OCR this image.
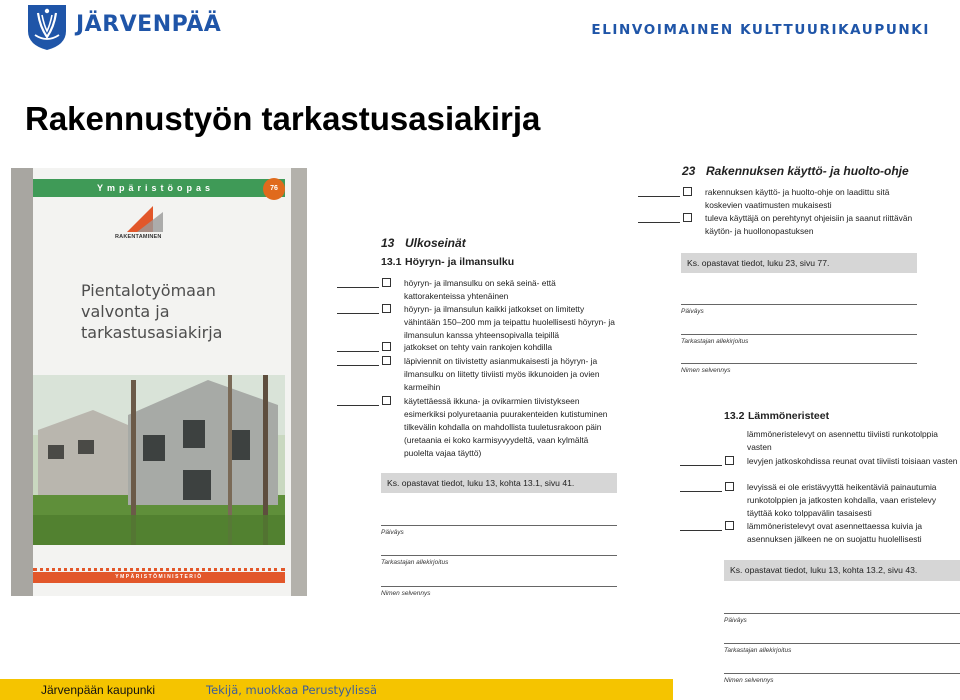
JÄRVENPÄÄ	ELINVOIMAINEN KULTTUURIKAUPUNKI
Rakennustyön tarkastusasiakirja
Ympäristöopas	76
RAKENTAMINEN
Pientalotyömaan valvonta ja tarkastusasiakirja
YMPÄRISTÖMINISTERIÖ
13 Ulkoseinät
13.1 Höyryn- ja ilmansulku
höyryn- ja ilmansulku on sekä seinä- että kattorakenteissa yhtenäinen
höyryn- ja ilmansulun kaikki jatkokset on limitetty vähintään 150–200 mm ja teipattu huolellisesti höyryn- ja ilmansulun kanssa yhteensopivalla teipillä
jatkokset on tehty vain rankojen kohdilla
läpiviennit on tiivistetty asianmukaisesti ja höyryn- ja ilmansulku on liitetty tiiviisti myös ikkunoiden ja ovien karmeihin
käytettäessä ikkuna- ja ovikarmien tiivistykseen esimerkiksi polyuretaania puurakenteiden kutistuminen tilkevälin kohdalla on mahdollista tuuletusrakoon päin (uretaania ei koko karmisyvyydeltä, vaan kylmältä puolelta vajaa täyttö)
Ks. opastavat tiedot, luku 13, kohta 13.1, sivu 41.
Päiväys
Tarkastajan allekirjoitus
Nimen selvennys
23 Rakennuksen käyttö- ja huolto-ohje
rakennuksen käyttö- ja huolto-ohje on laadittu sitä koskevien vaatimusten mukaisesti
tuleva käyttäjä on perehtynyt ohjeisiin ja saanut riittävän käytön- ja huollonopastuksen
Ks. opastavat tiedot, luku 23, sivu 77.
Päiväys
Tarkastajan allekirjoitus
Nimen selvennys
13.2 Lämmöneristeet
lämmöneristelevyt on asennettu tiiviisti runkotolppia vasten
levyjen jatkoskohdissa reunat ovat tiiviisti toisiaan vasten
levyissä ei ole eristävyyttä heikentäviä painautumia runkotolppien ja jatkosten kohdalla, vaan eristelevy täyttää koko tolppavälin tasaisesti
lämmöneristelevyt ovat asennettaessa kuivia ja asennuksen jälkeen ne on suojattu huolellisesti
Ks. opastavat tiedot, luku 13, kohta 13.2, sivu 43.
Päiväys
Tarkastajan allekirjoitus
Nimen selvennys
Järvenpään kaupunki	Tekijä, muokkaa Perustyylissä
